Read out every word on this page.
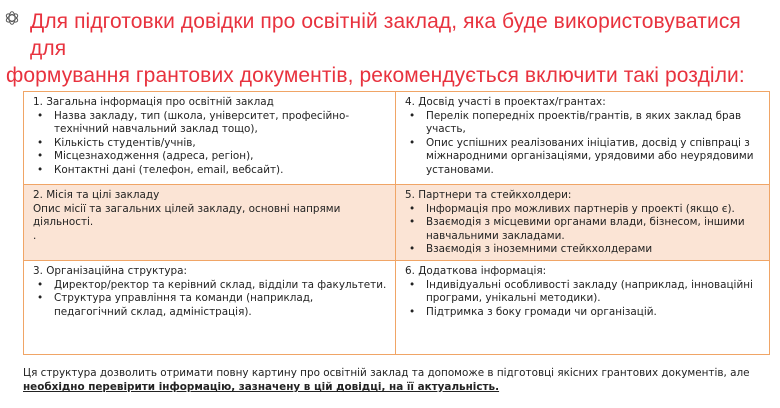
Для підготовки довідки про освітній заклад, яка буде використовуватися для
формування грантових документів, рекомендується включити такі розділи:
1. Загальна інформація про освітній заклад
• Назва закладу, тип (школа, університет, професійно-технічний навчальний заклад тощо),
• Кількість студентів/учнів,
• Місцезнаходження (адреса, регіон),
• Контактні дані (телефон, email, вебсайт).
4. Досвід участі в проектах/грантах:
• Перелік попередніх проектів/грантів, в яких заклад брав участь,
• Опис успішних реалізованих ініціатив, досвід у співпраці з міжнародними організаціями, урядовими або неурядовими установами.
2. Місія та цілі закладу

Опис місії та загальних цілей закладу, основні напрями діяльності.

.

5. Партнери та стейкхолдери:
• Інформація про можливих партнерів у проекті (якщо є).
• Взаємодія з місцевими органами влади, бізнесом, іншими навчальними закладами.
• Взаємодія з іноземними стейкхолдерами
3. Організаційна структура:
• Директор/ректор та керівний склад, відділи та факультети.
• Структура управління та команди (наприклад, педагогічний склад, адміністрація).
6. Додаткова інформація:
• Індивідуальні особливості закладу (наприклад, інноваційні програми, унікальні методики).
• Підтримка з боку громади чи організацій.
Ця структура дозволить отримати повну картину про освітній заклад та допоможе в підготовці якісних грантових документів, але необхідно перевірити інформацію, зазначену в цій довідці, на її актуальність.
